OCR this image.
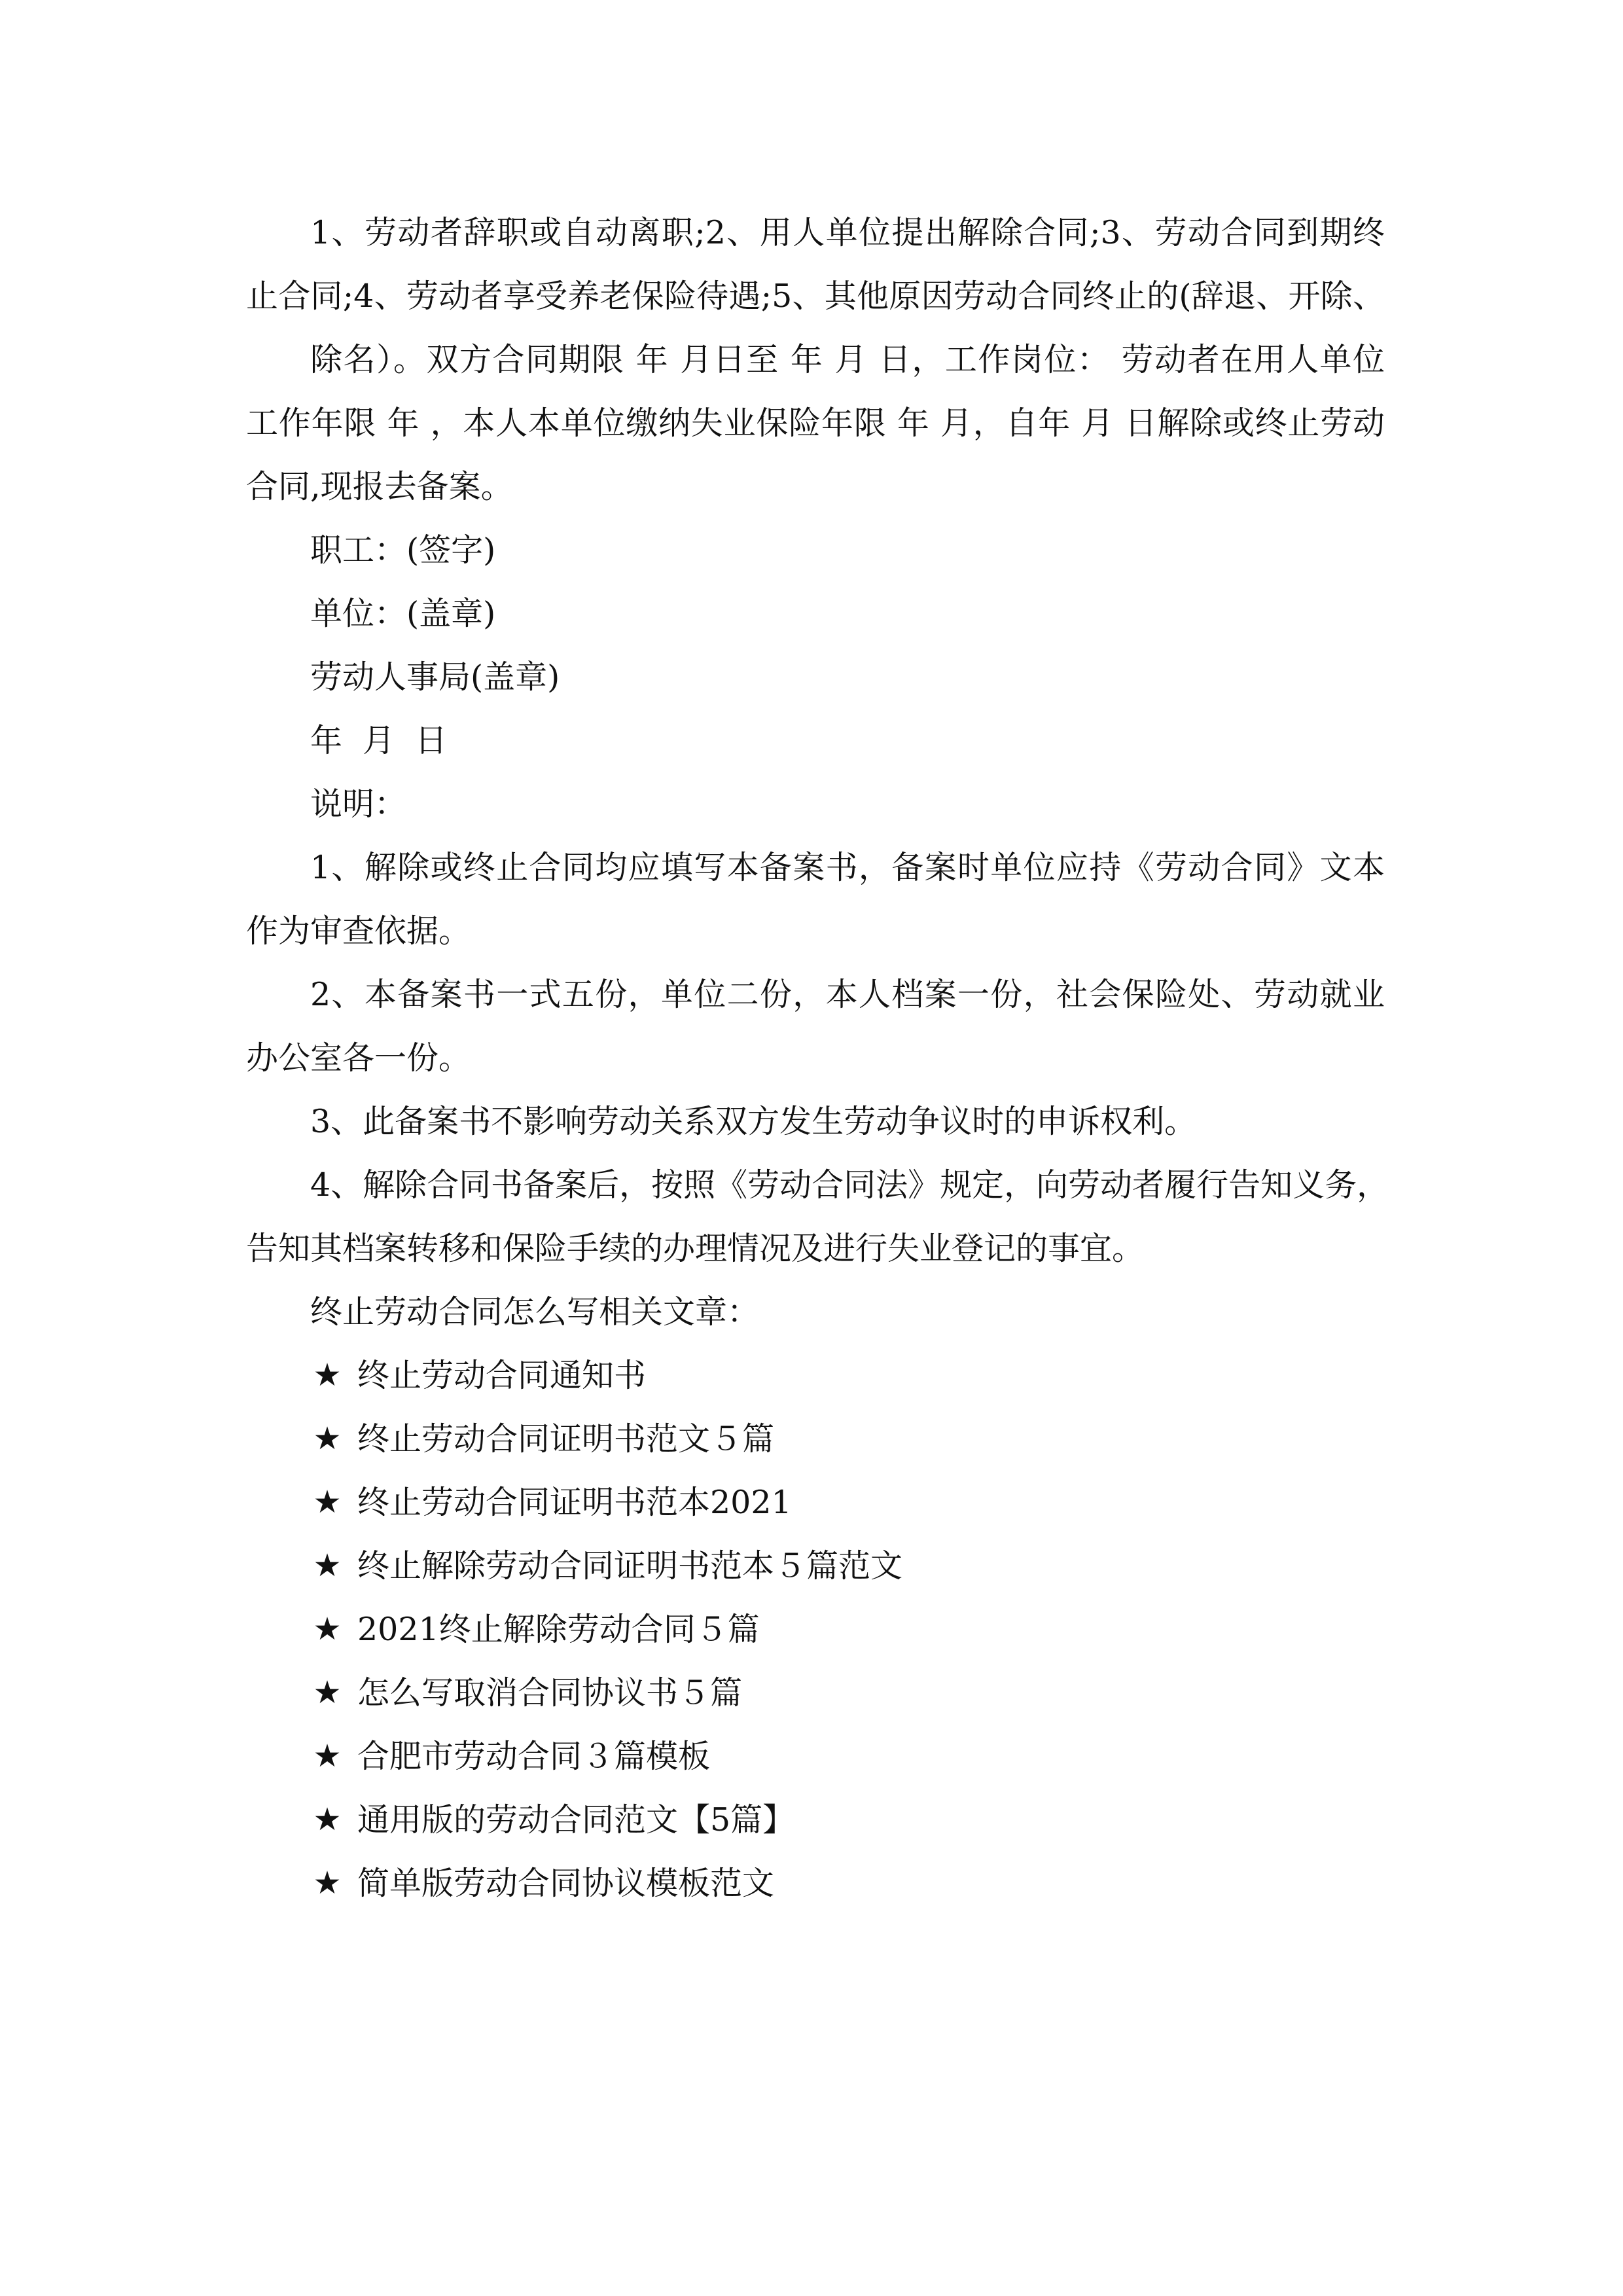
1、劳动者辞职或自动离职;2、用人单位提出解除合同;3、劳动合同到期终
止合同;4、劳动者享受养老保险待遇;5、其他原因劳动合同终止的(辞退、开除、
除名）。双方合同期限 年 月日至 年 月 日，工作岗位： 劳动者在用人单位
工作年限 年 ，本人本单位缴纳失业保险年限 年 月，自年 月 日解除或终止劳动
合同,现报去备案。
职工：(签字)
单位：(盖章)
劳动人事局(盖章)
年  月  日
说明：
1、解除或终止合同均应填写本备案书，备案时单位应持《劳动合同》文本
作为审查依据。
2、本备案书一式五份，单位二份，本人档案一份，社会保险处、劳动就业
办公室各一份。
3、此备案书不影响劳动关系双方发生劳动争议时的申诉权利。
4、解除合同书备案后，按照《劳动合同法》规定，向劳动者履行告知义务，
告知其档案转移和保险手续的办理情况及进行失业登记的事宜。
终止劳动合同怎么写相关文章：
★ 终止劳动合同通知书
★ 终止劳动合同证明书范文５篇
★ 终止劳动合同证明书范本2021
★ 终止解除劳动合同证明书范本５篇范文
★ 2021终止解除劳动合同５篇
★ 怎么写取消合同协议书５篇
★ 合肥市劳动合同３篇模板
★ 通用版的劳动合同范文【5篇】
★ 简单版劳动合同协议模板范文
